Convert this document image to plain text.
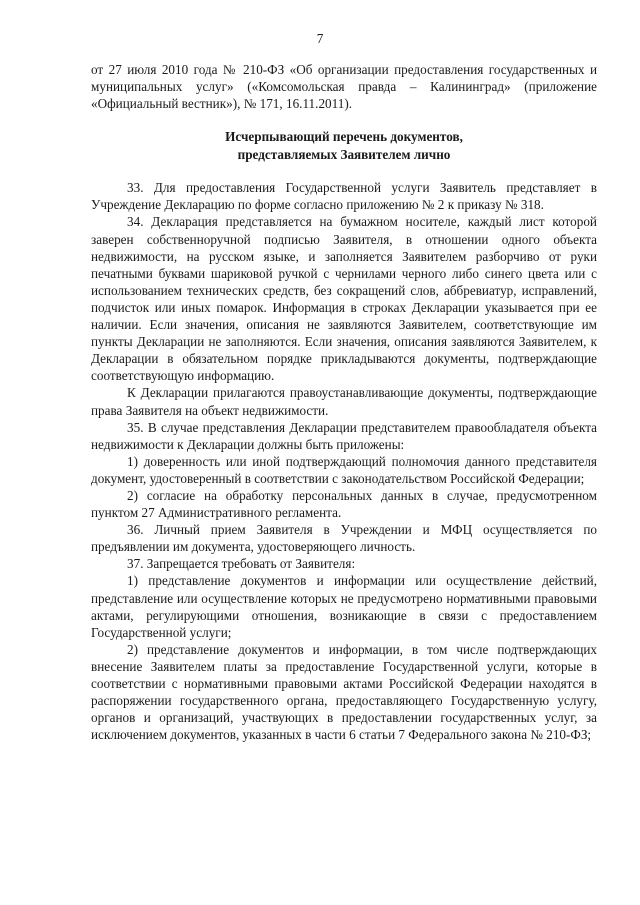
7

от 27 июля 2010 года № 210-ФЗ «Об организации предоставления государственных и муниципальных услуг» («Комсомольская правда – Калининград» (приложение «Официальный вестник»), № 171, 16.11.2011).

Исчерпывающий перечень документов,
представляемых Заявителем лично

33. Для предоставления Государственной услуги Заявитель представляет в Учреждение Декларацию по форме согласно приложению № 2 к приказу № 318.

34. Декларация представляется на бумажном носителе, каждый лист которой заверен собственноручной подписью Заявителя, в отношении одного объекта недвижимости, на русском языке, и заполняется Заявителем разборчиво от руки печатными буквами шариковой ручкой с чернилами черного либо синего цвета или с использованием технических средств, без сокращений слов, аббревиатур, исправлений, подчисток или иных помарок. Информация в строках Декларации указывается при ее наличии. Если значения, описания не заявляются Заявителем, соответствующие им пункты Декларации не заполняются. Если значения, описания заявляются Заявителем, к Декларации в обязательном порядке прикладываются документы, подтверждающие соответствующую информацию.

К Декларации прилагаются правоустанавливающие документы, подтверждающие права Заявителя на объект недвижимости.

35. В случае представления Декларации представителем правообладателя объекта недвижимости к Декларации должны быть приложены:

1) доверенность или иной подтверждающий полномочия данного представителя документ, удостоверенный в соответствии с законодательством Российской Федерации;

2) согласие на обработку персональных данных в случае, предусмотренном пунктом 27 Административного регламента.

36. Личный прием Заявителя в Учреждении и МФЦ осуществляется по предъявлении им документа, удостоверяющего личность.

37. Запрещается требовать от Заявителя:

1) представление документов и информации или осуществление действий, представление или осуществление которых не предусмотрено нормативными правовыми актами, регулирующими отношения, возникающие в связи с предоставлением Государственной услуги;

2) представление документов и информации, в том числе подтверждающих внесение Заявителем платы за предоставление Государственной услуги, которые в соответствии с нормативными правовыми актами Российской Федерации находятся в распоряжении государственного органа, предоставляющего Государственную услугу, органов и организаций, участвующих в предоставлении государственных услуг, за исключением документов, указанных в части 6 статьи 7 Федерального закона № 210-ФЗ;
